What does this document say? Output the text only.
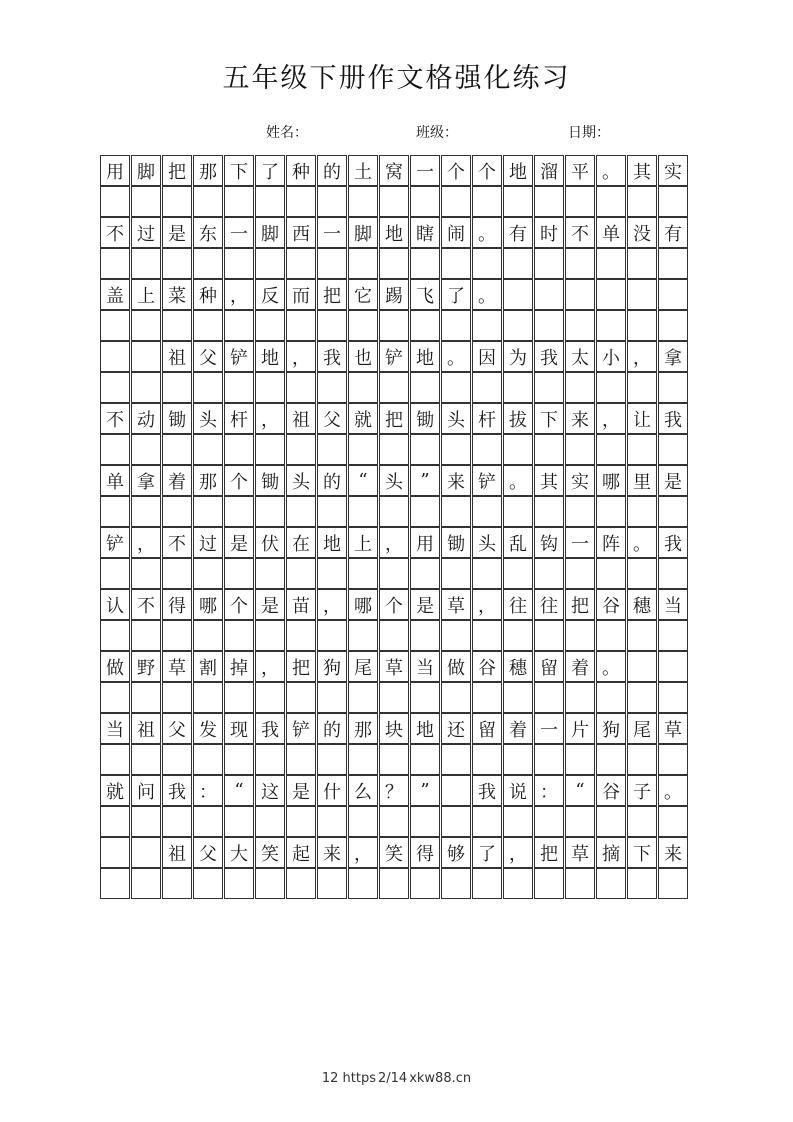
五年级下册作文格强化练习
姓名：	班级：	日期：
用 脚 把 那 下 了 种 的 土 窝 一 个 个 地 溜 平 。 其 实
不 过 是 东 一 脚 西 一 脚 地 瞎 闹 。 有 时 不 单 没 有
盖 上 菜 种 ， 反 而 把 它 踢 飞 了 。
祖 父 铲 地 ， 我 也 铲 地 。 因 为 我 太 小 ， 拿
不 动 锄 头 杆 ， 祖 父 就 把 锄 头 杆 拔 下 来 ， 让 我
单 拿 着 那 个 锄 头 的 “ 头 ” 来 铲 。 其 实 哪 里 是
铲 ， 不 过 是 伏 在 地 上 ， 用 锄 头 乱 钩 一 阵 。 我
认 不 得 哪 个 是 苗 ， 哪 个 是 草 ， 往 往 把 谷 穗 当
做 野 草 割 掉 ， 把 狗 尾 草 当 做 谷 穗 留 着 。
当 祖 父 发 现 我 铲 的 那 块 地 还 留 着 一 片 狗 尾 草
就 问 我 ： “ 这 是 什 么 ？ ”	我 说 ： “ 谷 子 。
祖 父 大 笑 起 来 ， 笑 得 够 了 ， 把 草 摘 下 来
12 https 2/14 xkw88.cn
